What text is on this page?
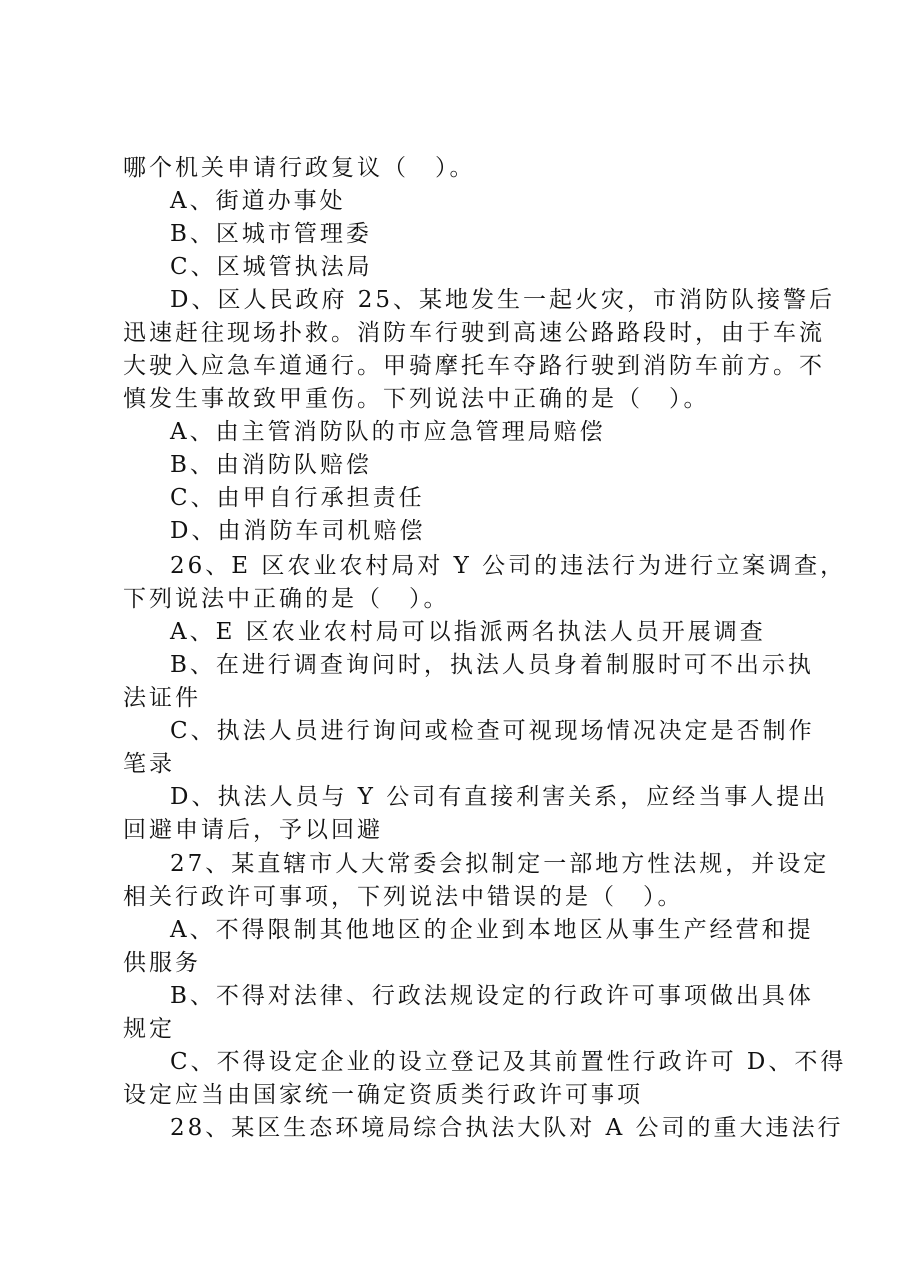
哪个机关申请行政复议（　）。
A、街道办事处
B、区城市管理委
C、区城管执法局
D、区人民政府 25、某地发生一起火灾，市消防队接警后
迅速赶往现场扑救。消防车行驶到高速公路路段时，由于车流
大驶入应急车道通行。甲骑摩托车夺路行驶到消防车前方。不
慎发生事故致甲重伤。下列说法中正确的是（　）。
A、由主管消防队的市应急管理局赔偿
B、由消防队赔偿
C、由甲自行承担责任
D、由消防车司机赔偿
26、E 区农业农村局对 Y 公司的违法行为进行立案调查，
下列说法中正确的是（　）。
A、E 区农业农村局可以指派两名执法人员开展调查
B、在进行调查询问时，执法人员身着制服时可不出示执
法证件
C、执法人员进行询问或检查可视现场情况决定是否制作
笔录
D、执法人员与 Y 公司有直接利害关系，应经当事人提出
回避申请后，予以回避
27、某直辖市人大常委会拟制定一部地方性法规，并设定
相关行政许可事项，下列说法中错误的是（　）。
A、不得限制其他地区的企业到本地区从事生产经营和提
供服务
B、不得对法律、行政法规设定的行政许可事项做出具体
规定
C、不得设定企业的设立登记及其前置性行政许可 D、不得
设定应当由国家统一确定资质类行政许可事项
28、某区生态环境局综合执法大队对 A 公司的重大违法行
